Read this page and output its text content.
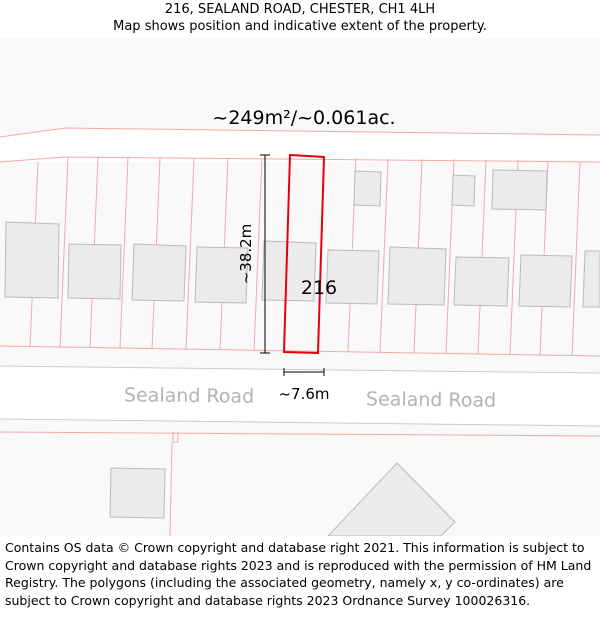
216, SEALAND ROAD, CHESTER, CH1 4LH
Map shows position and indicative extent of the property.
~249m²/~0.061ac.
216
~38.2m
~7.6m
Sealand Road	Sealand Road
Contains OS data © Crown copyright and database right 2021. This information is subject to Crown copyright and database rights 2023 and is reproduced with the permission of HM Land Registry. The polygons (including the associated geometry, namely x, y co-ordinates) are subject to Crown copyright and database rights 2023 Ordnance Survey 100026316.
